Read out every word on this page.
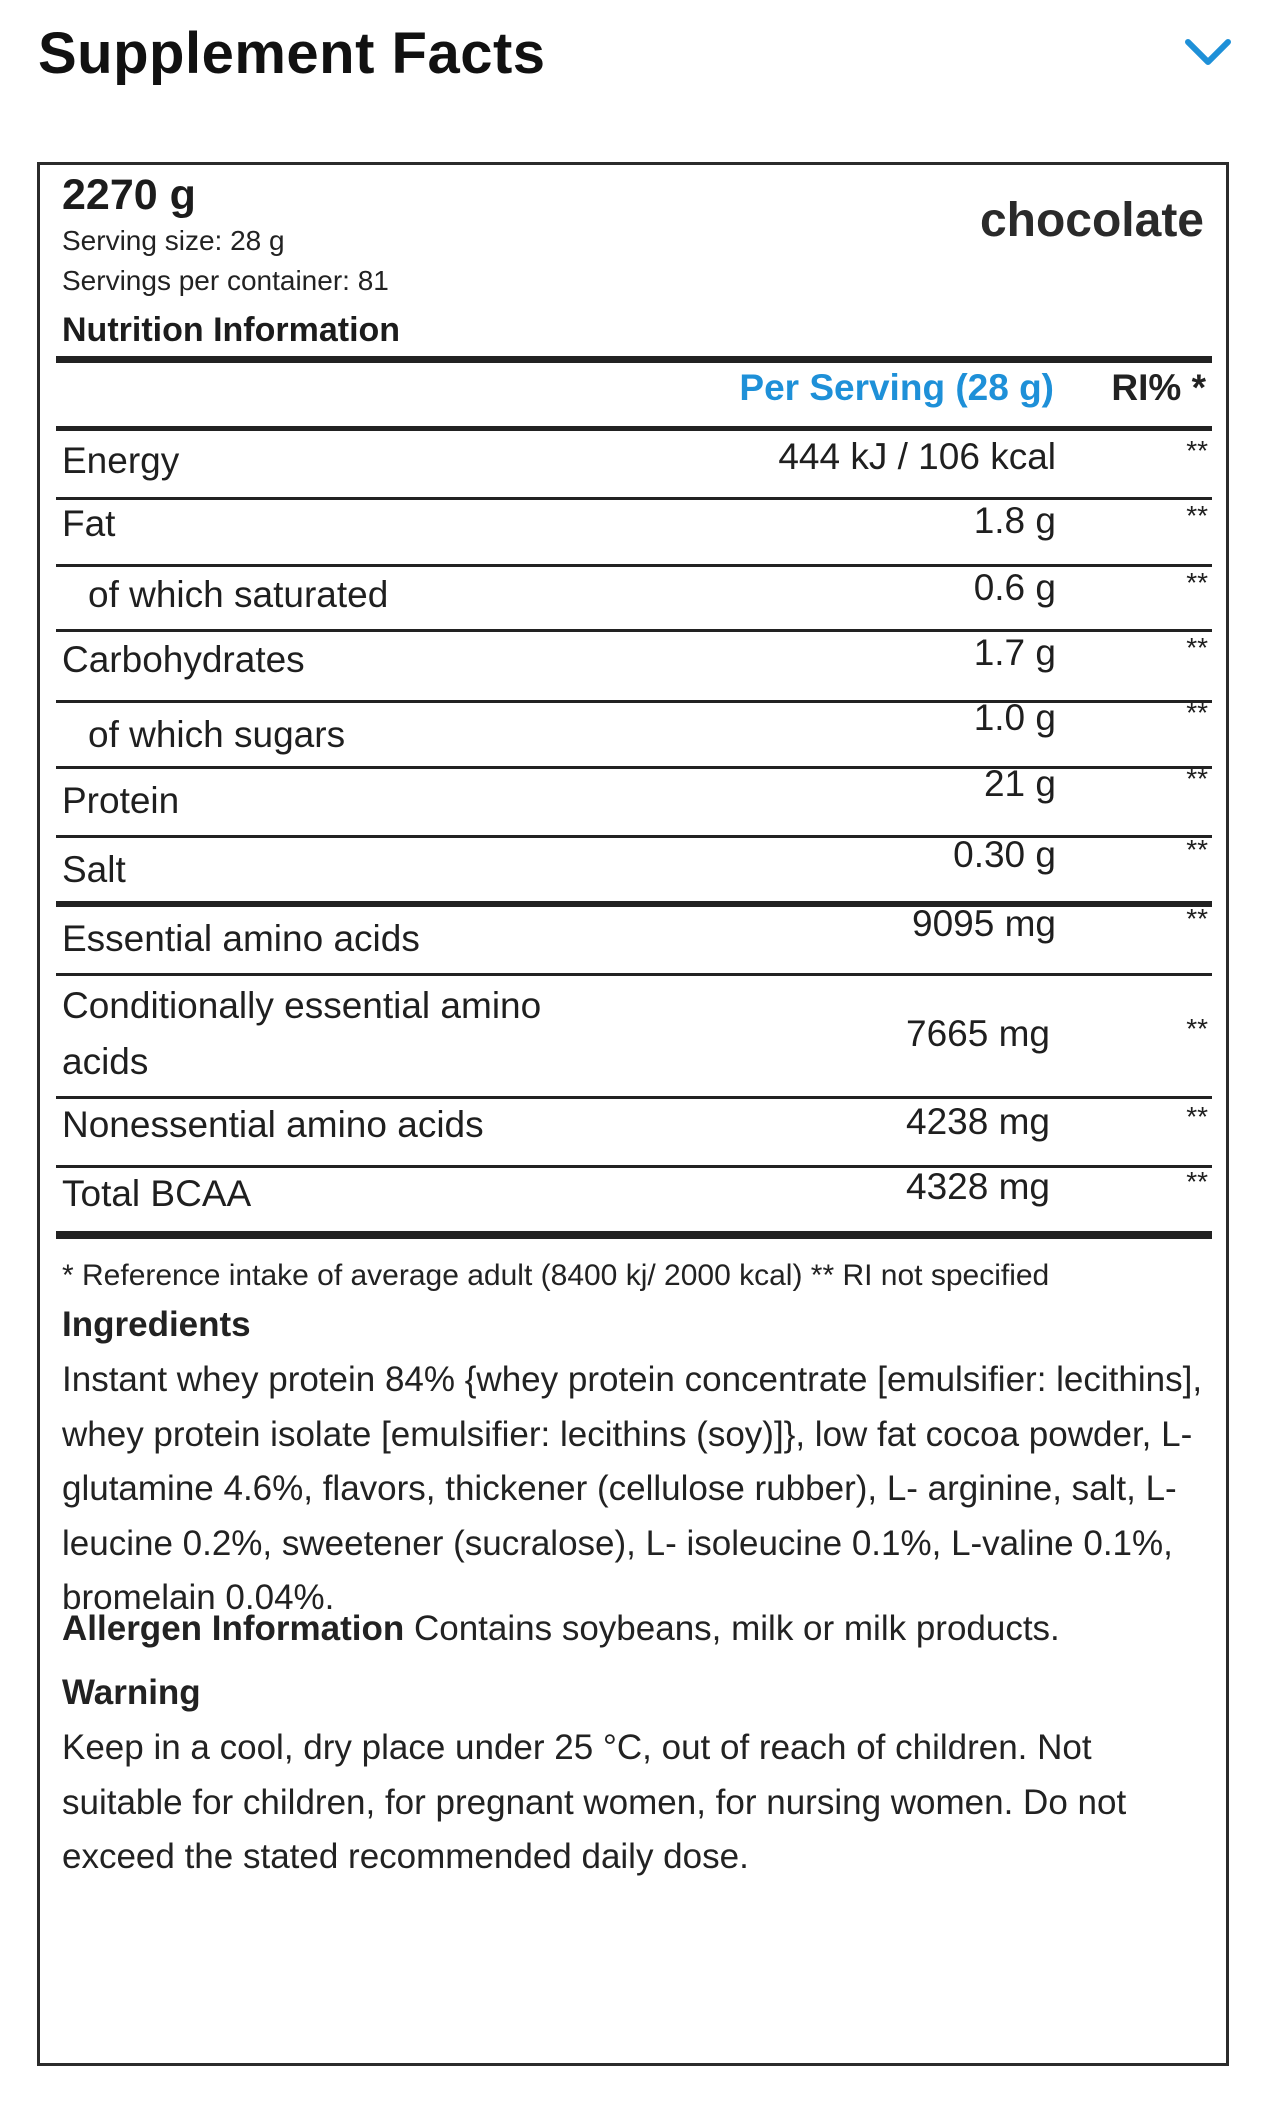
Supplement Facts
2270 g	chocolate
Serving size: 28 g
Servings per container: 81
Nutrition Information
Per Serving (28 g) RI% *
Energy	444 kJ / 106 kcal	**
Fat	1.8 g	**
of which saturated	0.6 g	**
Carbohydrates	1.7 g	**
of which sugars	1.0 g	**
Protein	21 g	**
Salt	0.30 g	**
Essential amino acids	9095 mg	**
Conditionally essential amino acids
7665 mg	**
Nonessential amino acids	4238 mg	**
Total BCAA	4328 mg	**
* Reference intake of average adult (8400 kj/ 2000 kcal) ** RI not specified
Ingredients
Instant whey protein 84% {whey protein concentrate [emulsifier: lecithins], whey protein isolate [emulsifier: lecithins (soy)]}, low fat cocoa powder, L-glutamine 4.6%, flavors, thickener (cellulose rubber), L- arginine, salt, L-leucine 0.2%, sweetener (sucralose), L- isoleucine 0.1%, L-valine 0.1%, bromelain 0.04%.
Allergen Information Contains soybeans, milk or milk products.
Warning
Keep in a cool, dry place under 25 °C, out of reach of children. Not suitable for children, for pregnant women, for nursing women. Do not exceed the stated recommended daily dose.
